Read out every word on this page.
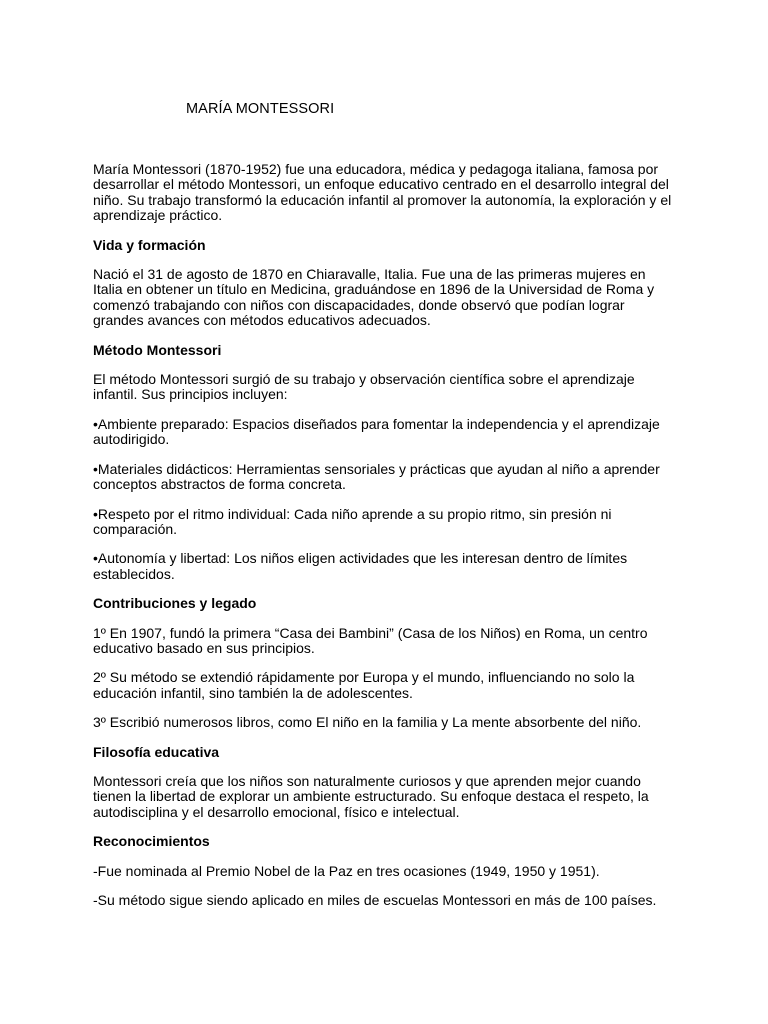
MARÍA MONTESSORI

María Montessori (1870-1952) fue una educadora, médica y pedagoga italiana, famosa por desarrollar el método Montessori, un enfoque educativo centrado en el desarrollo integral del niño. Su trabajo transformó la educación infantil al promover la autonomía, la exploración y el aprendizaje práctico.

Vida y formación

Nació el 31 de agosto de 1870 en Chiaravalle, Italia. Fue una de las primeras mujeres en Italia en obtener un título en Medicina, graduándose en 1896 de la Universidad de Roma y comenzó trabajando con niños con discapacidades, donde observó que podían lograr grandes avances con métodos educativos adecuados.

Método Montessori

El método Montessori surgió de su trabajo y observación científica sobre el aprendizaje infantil. Sus principios incluyen:

•Ambiente preparado: Espacios diseñados para fomentar la independencia y el aprendizaje autodirigido.

•Materiales didácticos: Herramientas sensoriales y prácticas que ayudan al niño a aprender conceptos abstractos de forma concreta.

•Respeto por el ritmo individual: Cada niño aprende a su propio ritmo, sin presión ni comparación.

•Autonomía y libertad: Los niños eligen actividades que les interesan dentro de límites establecidos.

Contribuciones y legado

1º En 1907, fundó la primera “Casa dei Bambini” (Casa de los Niños) en Roma, un centro educativo basado en sus principios.

2º Su método se extendió rápidamente por Europa y el mundo, influenciando no solo la educación infantil, sino también la de adolescentes.

3º Escribió numerosos libros, como El niño en la familia y La mente absorbente del niño.

Filosofía educativa

Montessori creía que los niños son naturalmente curiosos y que aprenden mejor cuando tienen la libertad de explorar un ambiente estructurado. Su enfoque destaca el respeto, la autodisciplina y el desarrollo emocional, físico e intelectual.

Reconocimientos

-Fue nominada al Premio Nobel de la Paz en tres ocasiones (1949, 1950 y 1951).

-Su método sigue siendo aplicado en miles de escuelas Montessori en más de 100 países.
